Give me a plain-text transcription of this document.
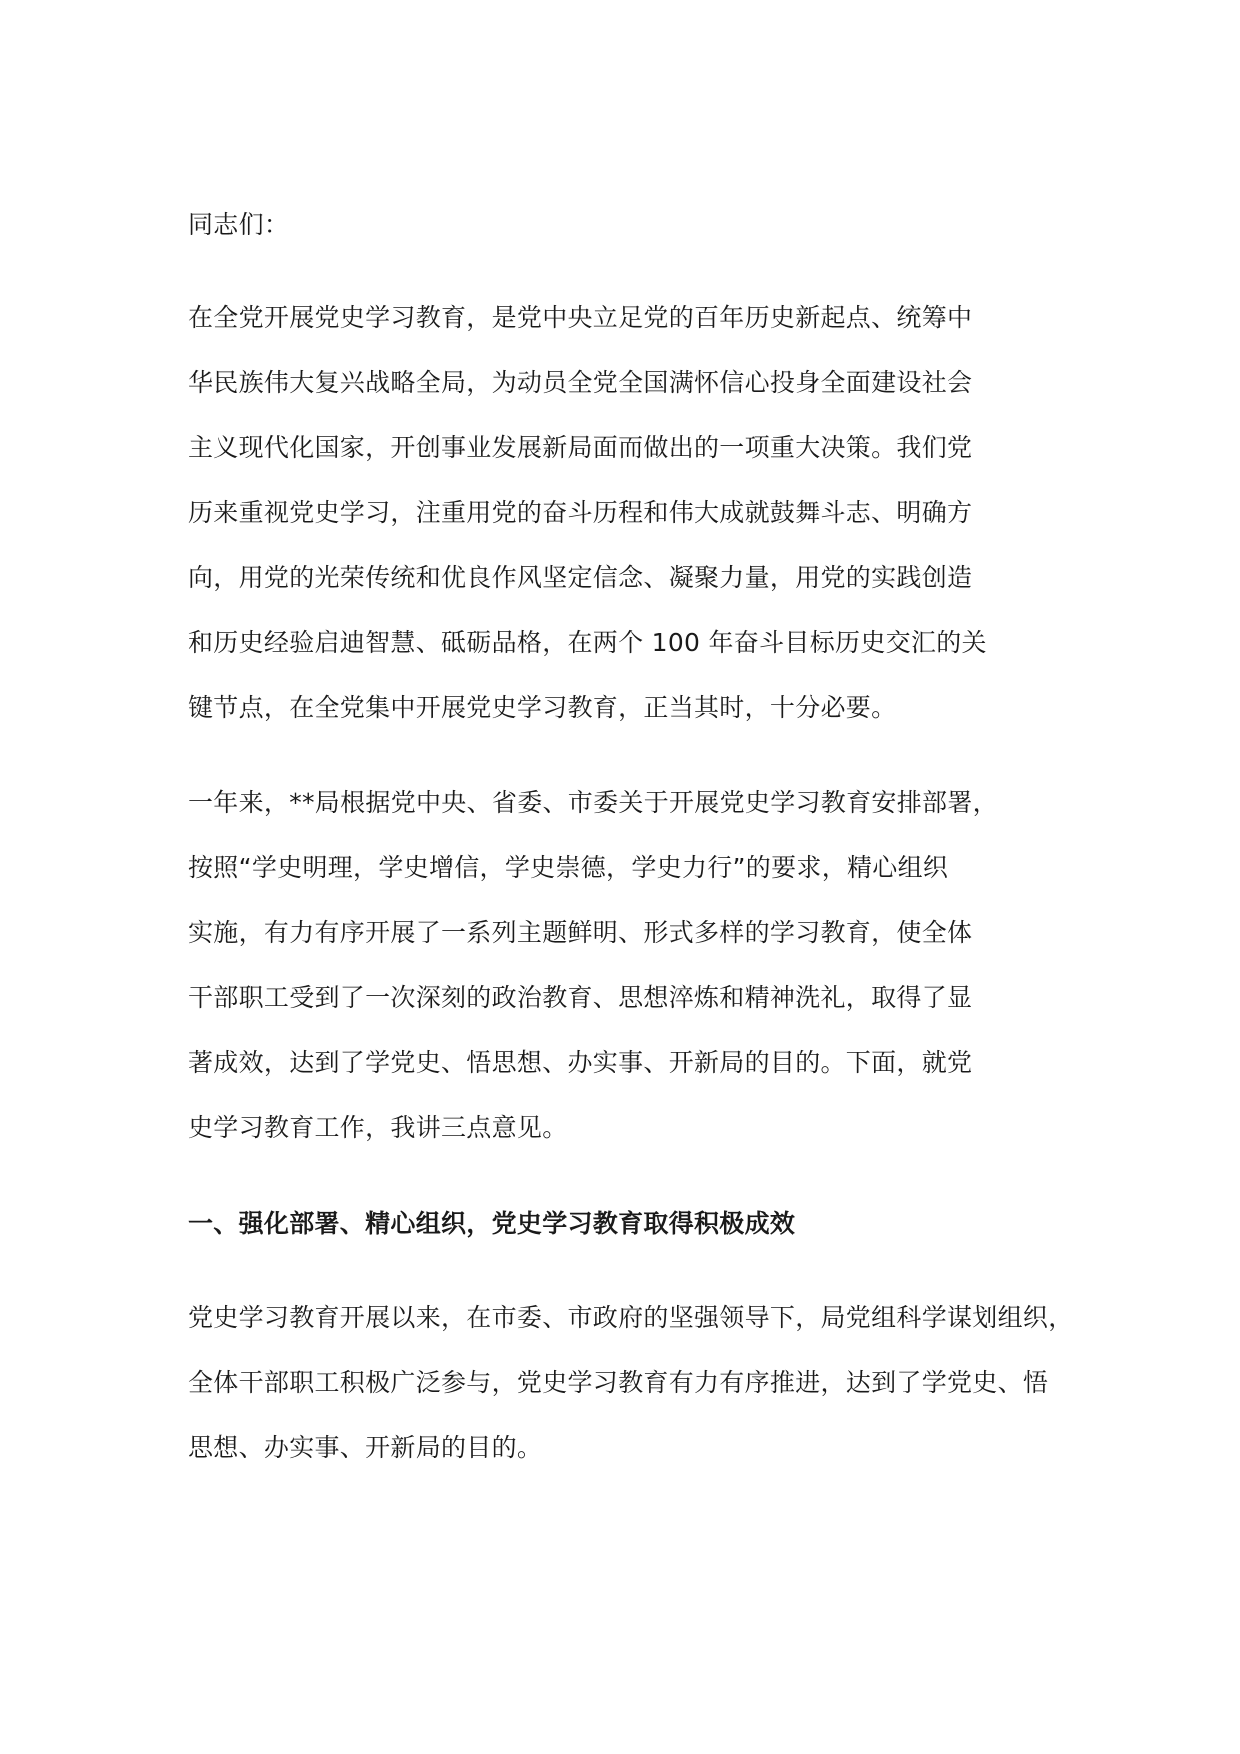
同志们：
在全党开展党史学习教育，是党中央立足党的百年历史新起点、统筹中
华民族伟大复兴战略全局，为动员全党全国满怀信心投身全面建设社会
主义现代化国家，开创事业发展新局面而做出的一项重大决策。我们党
历来重视党史学习，注重用党的奋斗历程和伟大成就鼓舞斗志、明确方
向，用党的光荣传统和优良作风坚定信念、凝聚力量，用党的实践创造
和历史经验启迪智慧、砥砺品格，在两个 100 年奋斗目标历史交汇的关
键节点，在全党集中开展党史学习教育，正当其时，十分必要。
一年来，**局根据党中央、省委、市委关于开展党史学习教育安排部署，
按照“学史明理，学史增信，学史崇德，学史力行”的要求，精心组织
实施，有力有序开展了一系列主题鲜明、形式多样的学习教育，使全体
干部职工受到了一次深刻的政治教育、思想淬炼和精神洗礼，取得了显
著成效，达到了学党史、悟思想、办实事、开新局的目的。下面，就党
史学习教育工作，我讲三点意见。
一、强化部署、精心组织，党史学习教育取得积极成效
党史学习教育开展以来，在市委、市政府的坚强领导下，局党组科学谋划组织，
全体干部职工积极广泛参与，党史学习教育有力有序推进，达到了学党史、悟
思想、办实事、开新局的目的。
